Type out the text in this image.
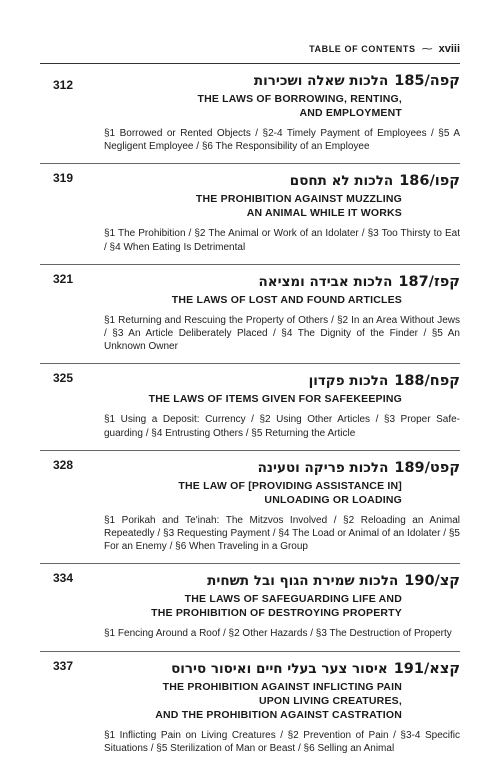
TABLE OF CONTENTS ⁓ xviii
312	הלכות שאלה ושכירות קפה/185
THE LAWS OF BORROWING, RENTING,
AND EMPLOYMENT
§1 Borrowed or Rented Objects / §2-4 Timely Payment of Employees / §5 A Negligent Employee / §6 The Responsibility of an Employee
319	הלכות לא תחסם קפו/186
THE PROHIBITION AGAINST MUZZLING
AN ANIMAL WHILE IT WORKS
§1 The Prohibition / §2 The Animal or Work of an Idolater / §3 Too Thirsty to Eat / §4 When Eating Is Detrimental
321	הלכות אבידה ומציאה קפז/187
THE LAWS OF LOST AND FOUND ARTICLES
§1 Returning and Rescuing the Property of Others / §2 In an Area Without Jews / §3 An Article Deliberately Placed / §4 The Dignity of the Finder / §5 An Unknown Owner
325	הלכות פקדון קפח/188
THE LAWS OF ITEMS GIVEN FOR SAFEKEEPING
§1 Using a Deposit: Currency / §2 Using Other Articles / §3 Proper Safe-guarding / §4 Entrusting Others / §5 Returning the Article
328	הלכות פריקה וטעינה קפט/189
THE LAW OF [PROVIDING ASSISTANCE IN]
UNLOADING OR LOADING
§1 Porikah and Te'inah: The Mitzvos Involved / §2 Reloading an Animal Repeatedly / §3 Requesting Payment / §4 The Load or Animal of an Idolater / §5 For an Enemy / §6 When Traveling in a Group
334	הלכות שמירת הגוף ובל תשחית קצ/190
THE LAWS OF SAFEGUARDING LIFE AND
THE PROHIBITION OF DESTROYING PROPERTY
§1 Fencing Around a Roof / §2 Other Hazards / §3 The Destruction of Property
337	איסור צער בעלי חיים ואיסור סירוס קצא/191
THE PROHIBITION AGAINST INFLICTING PAIN
UPON LIVING CREATURES,
AND THE PROHIBITION AGAINST CASTRATION
§1 Inflicting Pain on Living Creatures / §2 Prevention of Pain / §3-4 Specific Situations / §5 Sterilization of Man or Beast / §6 Selling an Animal
